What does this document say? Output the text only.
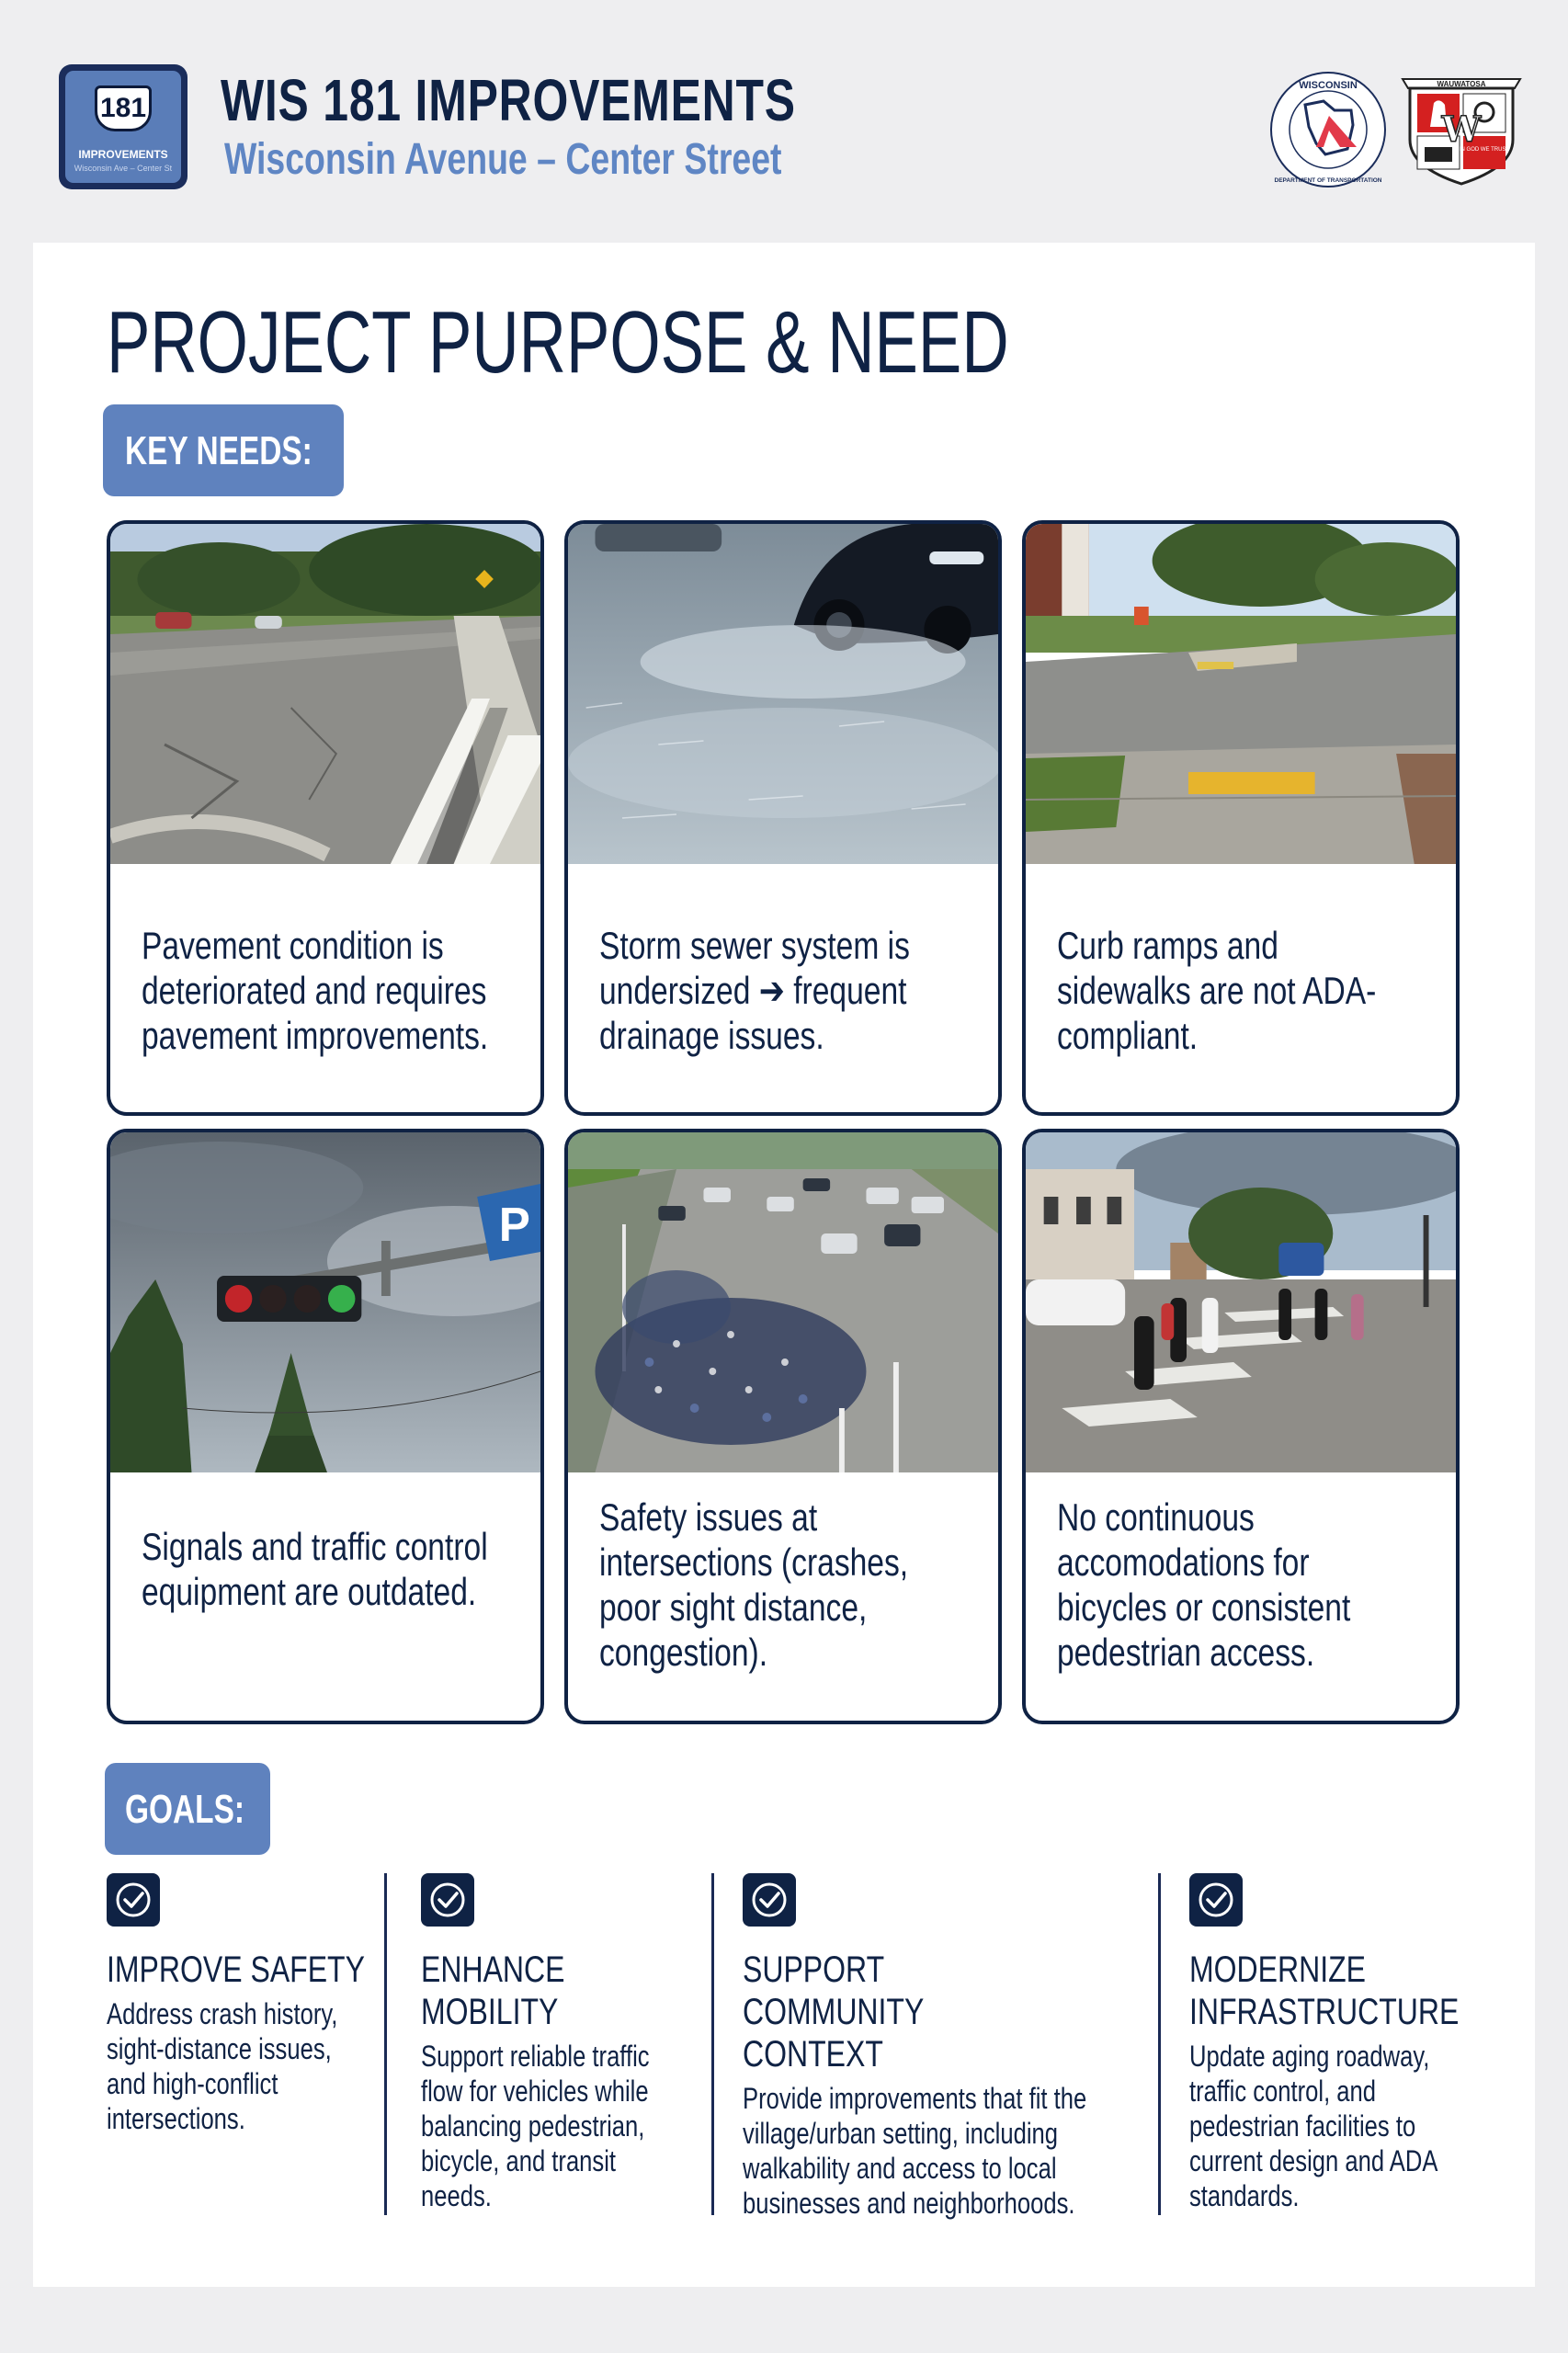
181
IMPROVEMENTS
Wisconsin Ave – Center St
WIS 181 IMPROVEMENTS
Wisconsin Avenue – Center Street
WISCONSIN
DEPARTMENT OF TRANSPORTATION
WAUWATOSA
IN GOD WE TRUST
W
PROJECT PURPOSE & NEED
KEY NEEDS:
Pavement condition is deteriorated and requires pavement improvements.
Storm sewer system is undersized ➔ frequent drainage issues.
Curb ramps and sidewalks are not ADA-compliant.
P
Signals and traffic control equipment are outdated.
Safety issues at intersections (crashes, poor sight distance, congestion).
No continuous accomodations for bicycles or consistent pedestrian access.
GOALS:
IMPROVE SAFETY
Address crash history, sight-distance issues, and high-conflict intersections.
ENHANCE MOBILITY
Support reliable traffic flow for vehicles while balancing pedestrian, bicycle, and transit needs.
SUPPORT COMMUNITY CONTEXT
Provide improvements that fit the village/urban setting, including walkability and access to local businesses and neighborhoods.
MODERNIZE INFRASTRUCTURE
Update aging roadway, traffic control, and pedestrian facilities to current design and ADA standards.
